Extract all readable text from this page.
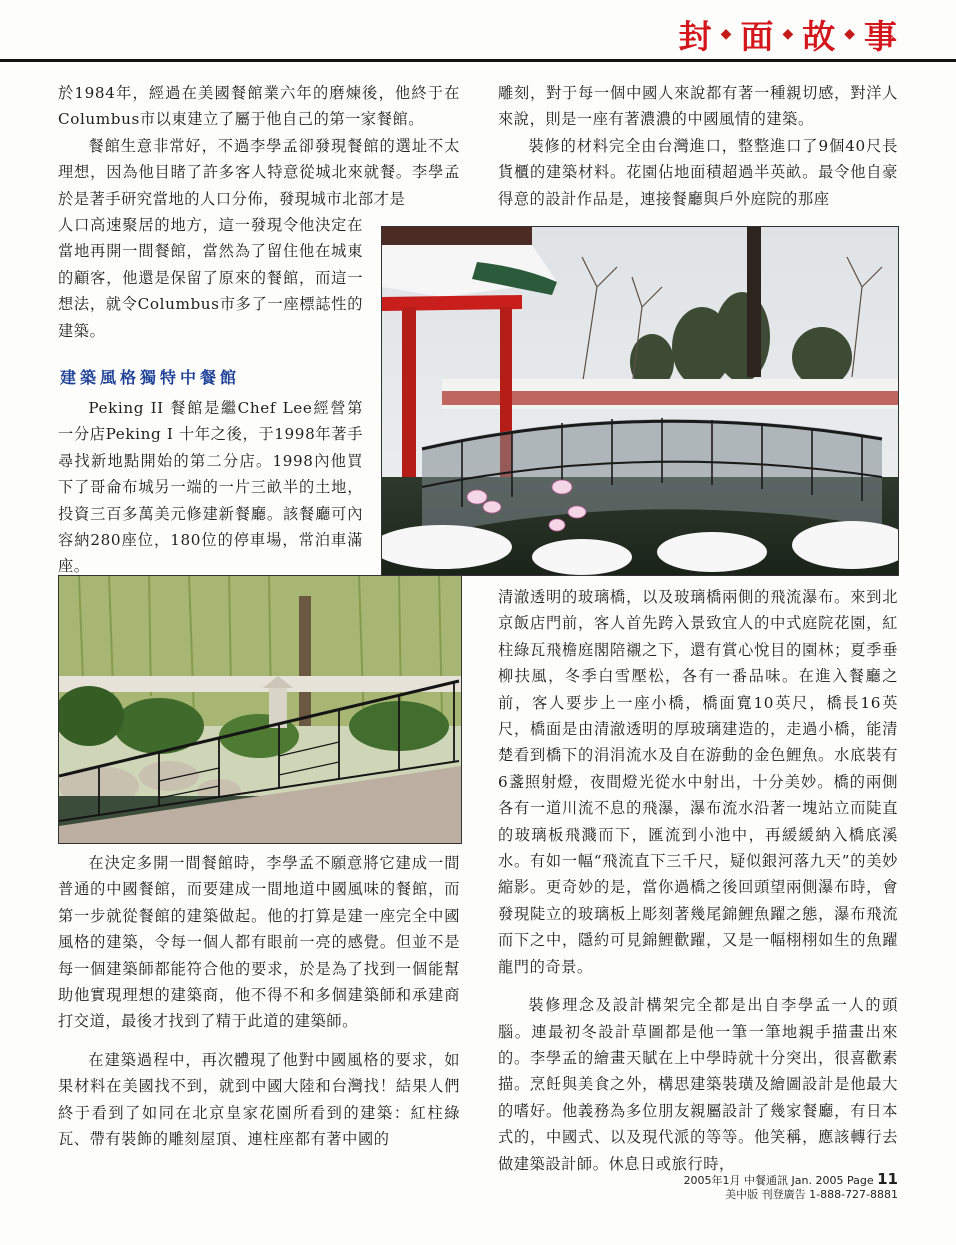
封 ◆ 面 ◆ 故 ◆ 事

於1984年，經過在美國餐館業六年的磨煉後，他終于在Columbus市以東建立了屬于他自己的第一家餐館。

餐館生意非常好，不過李學孟卻發現餐館的選址不太理想，因為他目睹了許多客人特意從城北來就餐。李學孟於是著手研究當地的人口分佈，發現城市北部才是

人口高速聚居的地方，這一發現令他決定在當地再開一間餐館，當然為了留住他在城東的顧客，他還是保留了原來的餐館，而這一想法，就令Columbus市多了一座標誌性的建築。

建築風格獨特中餐館

Peking II 餐館是繼Chef Lee經營第一分店Peking I 十年之後，于1998年著手尋找新地點開始的第二分店。1998內他買下了哥侖布城另一端的一片三畝半的土地，投資三百多萬美元修建新餐廳。該餐廳可內容納280座位，180位的停車場，常泊車滿座。

雕刻，對于每一個中國人來說都有著一種親切感，對洋人來說，則是一座有著濃濃的中國風情的建築。

裝修的材料完全由台灣進口，整整進口了9個40尺長貨櫃的建築材料。花園佔地面積超過半英畝。最令他自豪得意的設計作品是，連接餐廳與戶外庭院的那座

清澈透明的玻璃橋，以及玻璃橋兩側的飛流瀑布。來到北京飯店門前，客人首先跨入景致宜人的中式庭院花園，紅柱綠瓦飛檐庭閣陪襯之下，還有賞心悅目的園林；夏季垂柳扶風，冬季白雪壓松，各有一番品味。在進入餐廳之前，客人要步上一座小橋，橋面寬10英尺，橋長16英尺，橋面是由清澈透明的厚玻璃建造的，走過小橋，能清楚看到橋下的涓涓流水及自在游動的金色鯉魚。水底裝有6盞照射燈，夜間燈光從水中射出，十分美妙。橋的兩側各有一道川流不息的飛瀑，瀑布流水沿著一塊站立而陡直的玻璃板飛濺而下，匯流到小池中，再緩緩納入橋底溪水。有如一幅“飛流直下三千尺，疑似銀河落九天”的美妙縮影。更奇妙的是，當你過橋之後回頭望兩側瀑布時，會發現陡立的玻璃板上彫刻著幾尾錦鯉魚躍之態，瀑布飛流而下之中，隱約可見錦鯉歡躍，又是一幅栩栩如生的魚躍龍門的奇景。

裝修理念及設計構架完全都是出自李學孟一人的頭腦。連最初冬設計草圖都是他一筆一筆地親手描畫出來的。李學孟的繪畫天賦在上中學時就十分突出，很喜歡素描。烹飪與美食之外，構思建築裝璜及繪圖設計是他最大的嗜好。他義務為多位朋友親屬設計了幾家餐廳，有日本式的，中國式、以及現代派的等等。他笑稱，應該轉行去做建築設計師。休息日或旅行時，

在決定多開一間餐館時，李學孟不願意將它建成一間普通的中國餐館，而要建成一間地道中國風味的餐館，而第一步就從餐館的建築做起。他的打算是建一座完全中國風格的建築，令每一個人都有眼前一亮的感覺。但並不是每一個建築師都能符合他的要求，於是為了找到一個能幫助他實現理想的建築商，他不得不和多個建築師和承建商打交道，最後才找到了精于此道的建築師。

在建築過程中，再次體現了他對中國風格的要求，如果材料在美國找不到，就到中國大陸和台灣找！結果人們終于看到了如同在北京皇家花園所看到的建築：紅柱綠瓦、帶有裝飾的雕刻屋頂、連柱座都有著中國的

2005年1月 中餐通訊 Jan. 2005 Page 11
美中版 刊登廣告 1-888-727-8881
